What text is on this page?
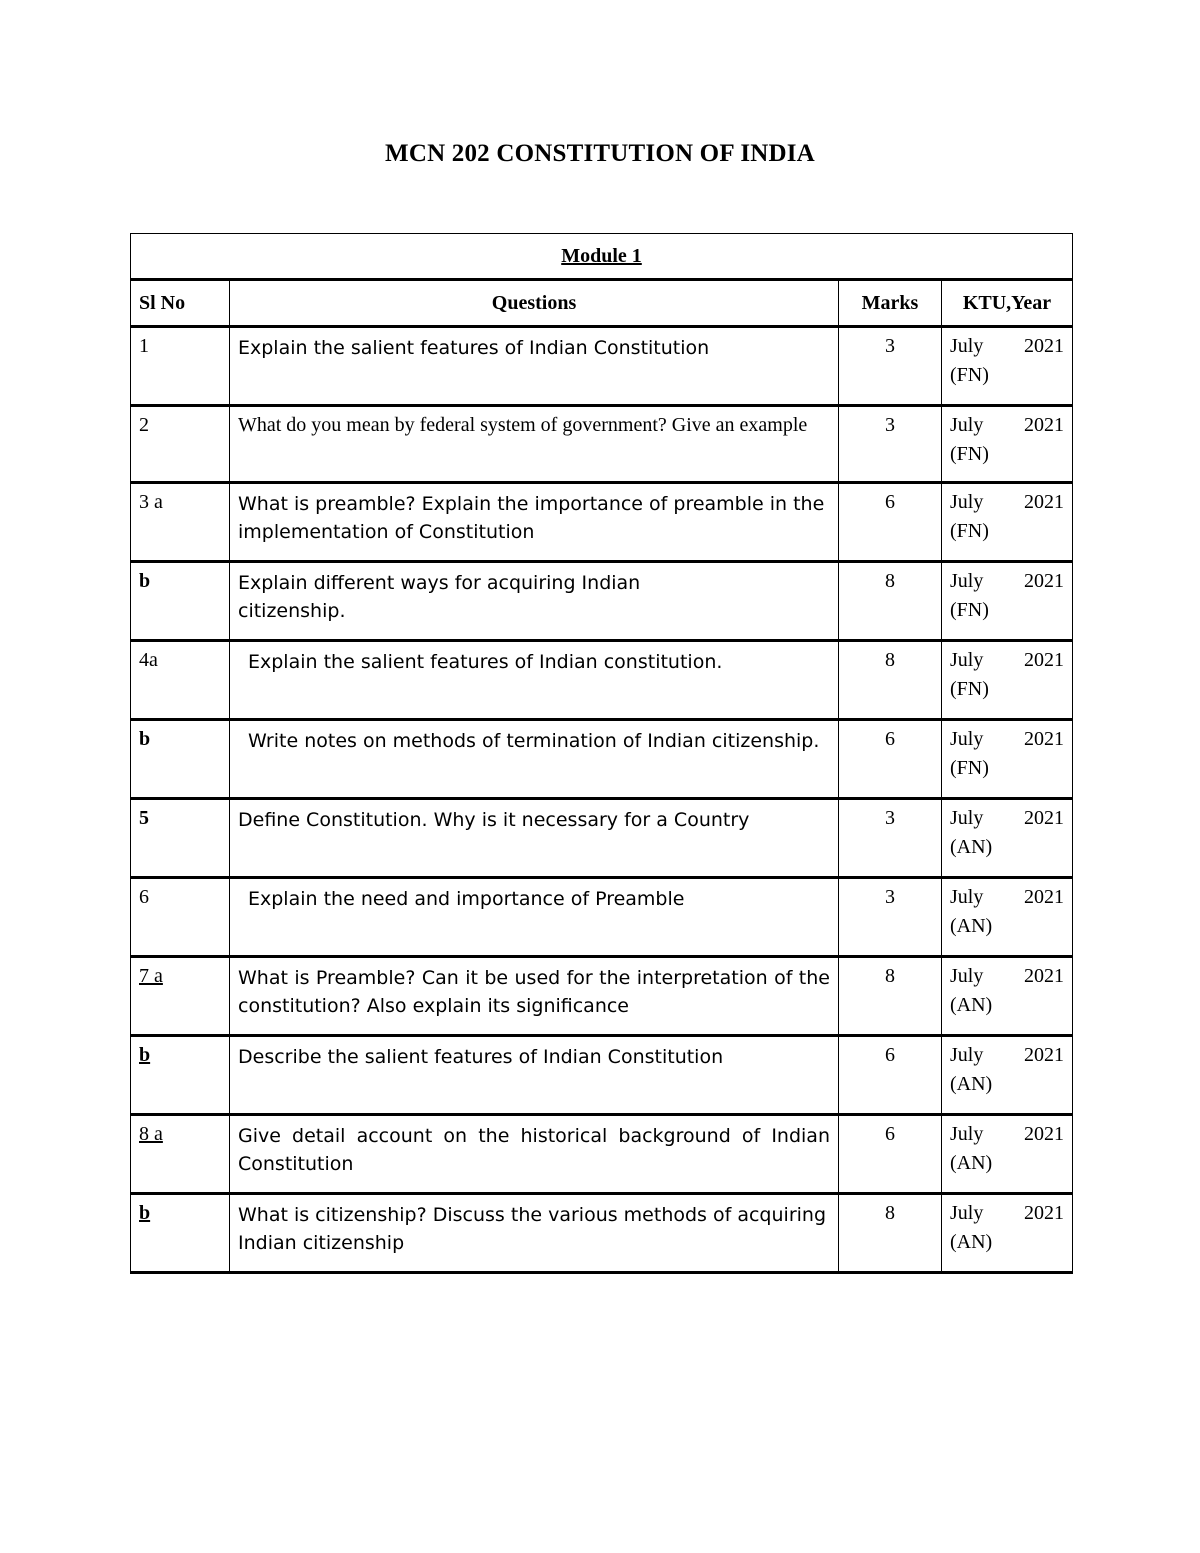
MCN 202 CONSTITUTION OF INDIA
Module 1			
Sl No	Questions	Marks	KTU,Year
1	Explain the salient features of Indian Constitution	3	July 2021
(FN)

2	What do you mean by federal system of government? Give an example	3	July 2021
(FN)

3 a	What is preamble? Explain the importance of preamble in the implementation of Constitution	6	July 2021
(FN)

b	Explain different ways for acquiring Indian citizenship.	8	July 2021
(FN)

4a	Explain the salient features of Indian constitution.	8	July 2021
(FN)

b	Write notes on methods of termination of Indian citizenship.	6	July 2021
(FN)

5	Define Constitution. Why is it necessary for a Country	3	July 2021
(AN)

6	Explain the need and importance of Preamble	3	July 2021
(AN)

7 a	What is Preamble? Can it be used for the interpretation of the constitution? Also explain its significance	8	July 2021
(AN)

b	Describe the salient features of Indian Constitution	6	July 2021
(AN)

8 a	Give detail account on the historical background of Indian Constitution	6	July 2021
(AN)

b	What is citizenship? Discuss the various methods of acquiring Indian citizenship	8	July 2021
(AN)
